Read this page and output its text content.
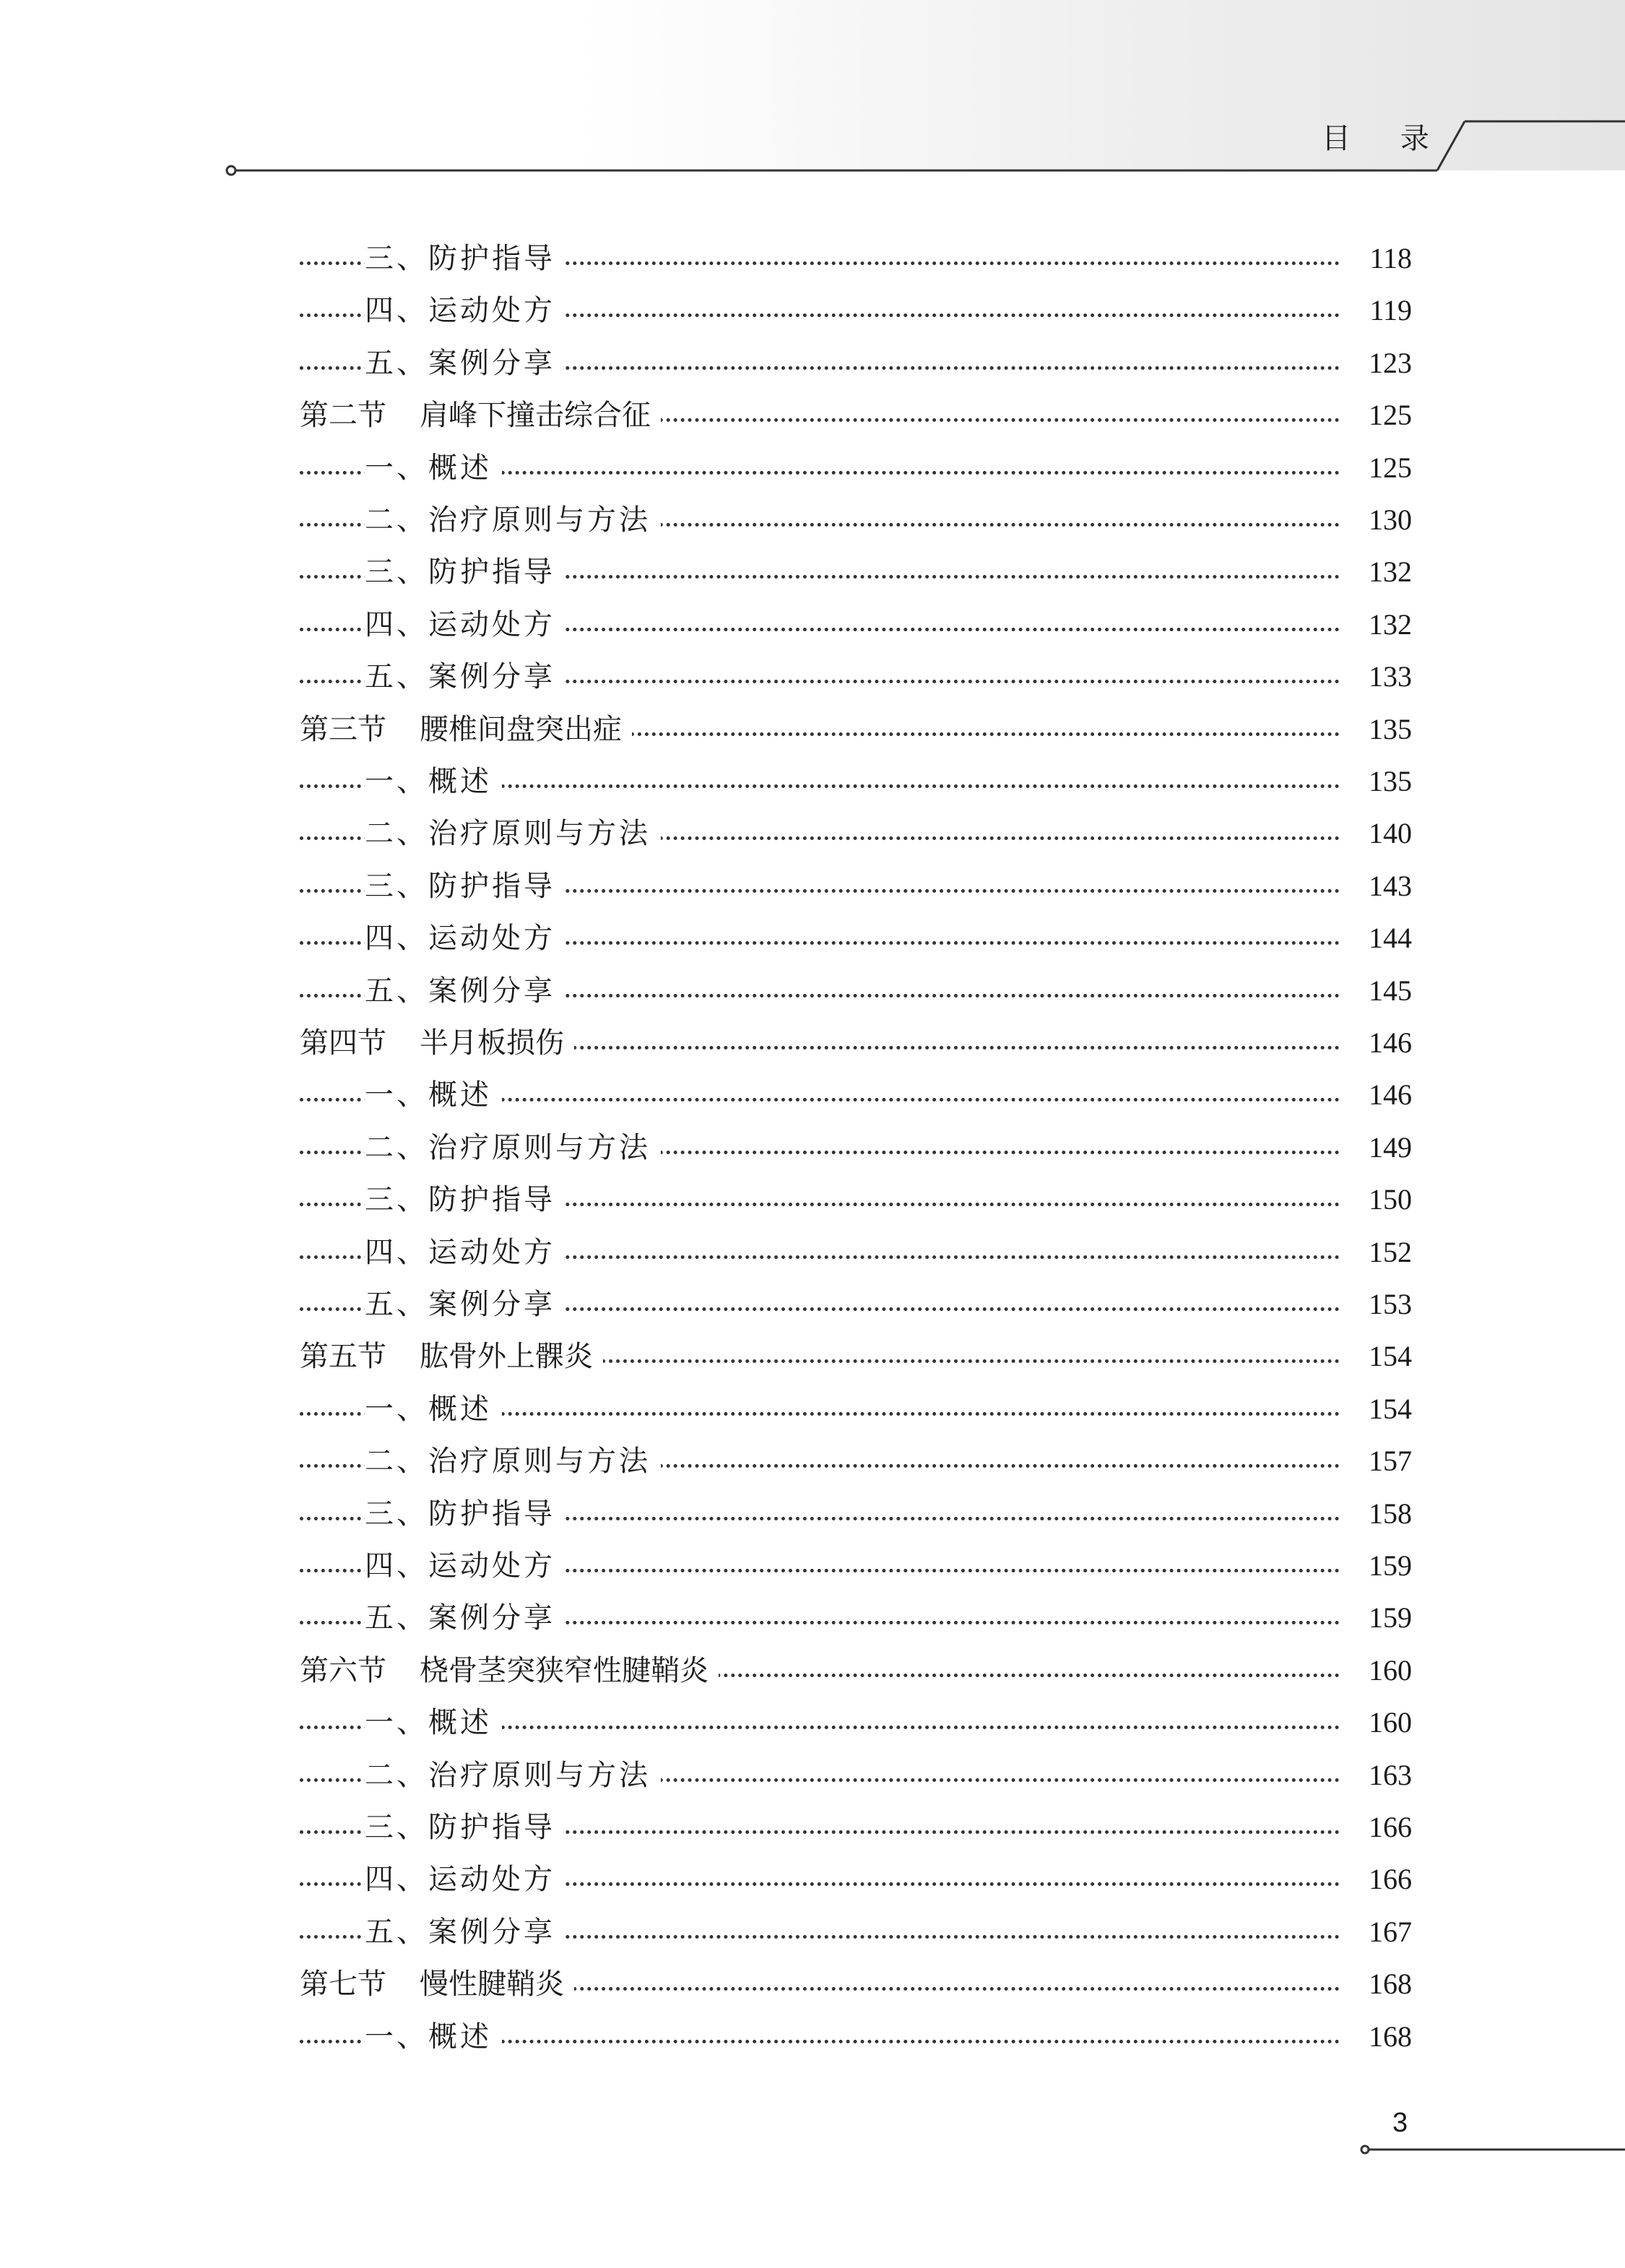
目 录
三、防护指导	118
四、运动处方	119
五、案例分享	123
第二节 肩峰下撞击综合征	125
一、概述	125
二、治疗原则与方法	130
三、防护指导	132
四、运动处方	132
五、案例分享	133
第三节 腰椎间盘突出症	135
一、概述	135
二、治疗原则与方法	140
三、防护指导	143
四、运动处方	144
五、案例分享	145
第四节 半月板损伤	146
一、概述	146
二、治疗原则与方法	149
三、防护指导	150
四、运动处方	152
五、案例分享	153
第五节 肱骨外上髁炎	154
一、概述	154
二、治疗原则与方法	157
三、防护指导	158
四、运动处方	159
五、案例分享	159
第六节 桡骨茎突狭窄性腱鞘炎	160
一、概述	160
二、治疗原则与方法	163
三、防护指导	166
四、运动处方	166
五、案例分享	167
第七节 慢性腱鞘炎	168
一、概述	168
3
